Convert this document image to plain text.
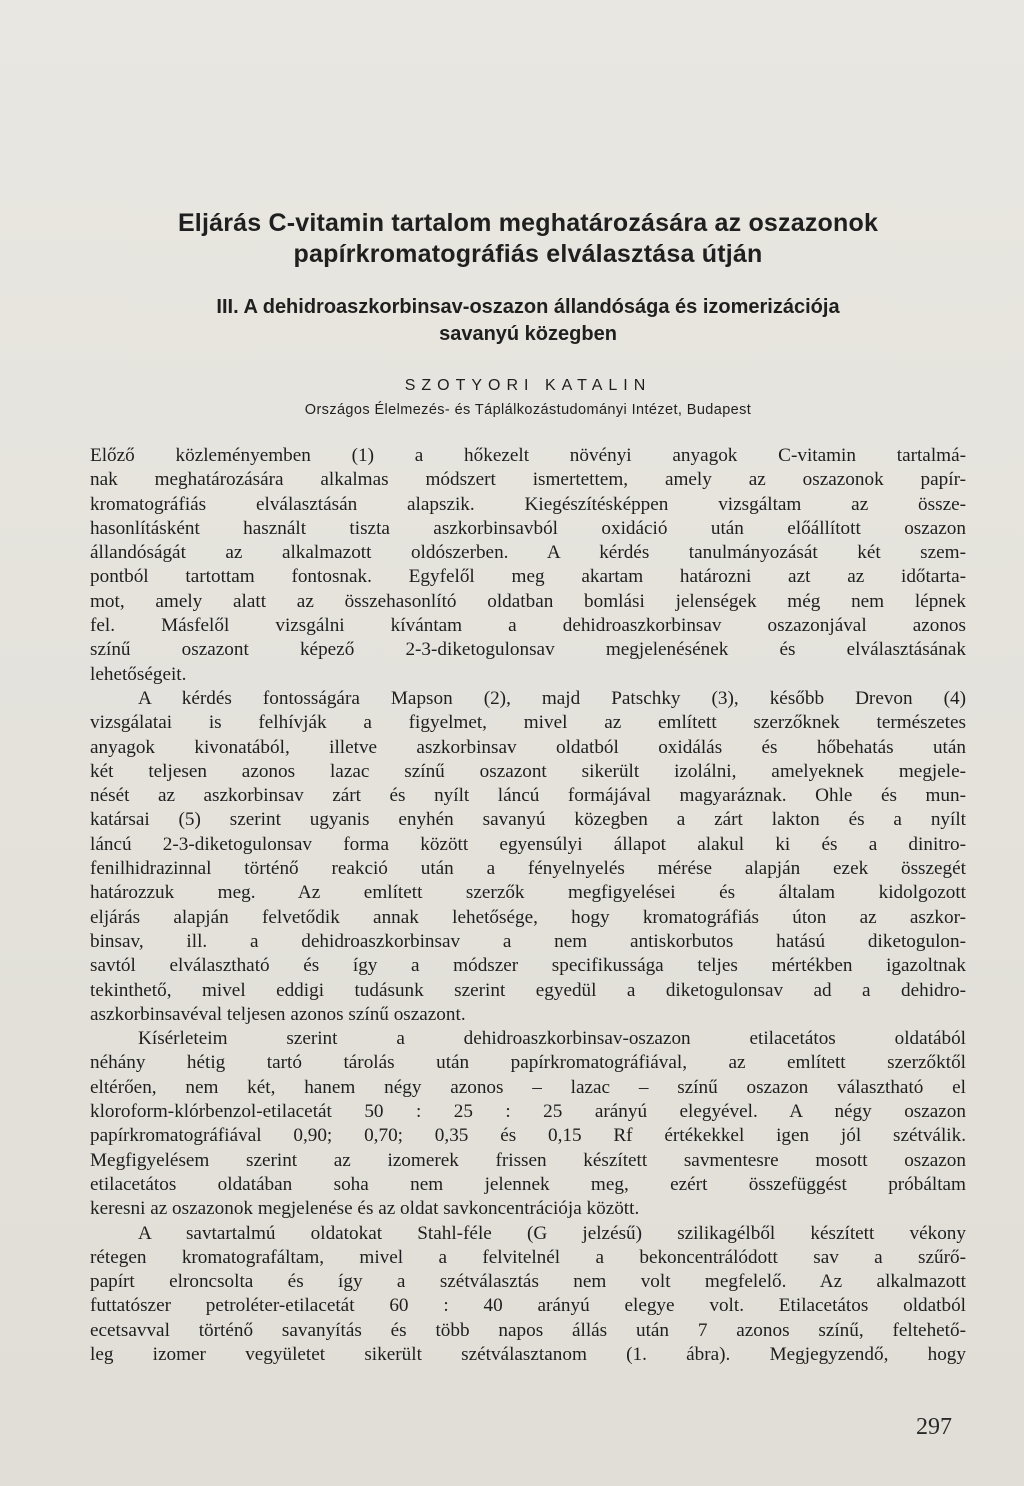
Eljárás C-vitamin tartalom meghatározására az oszazonok
papírkromatográfiás elválasztása útján
III. A dehidroaszkorbinsav-oszazon állandósága és izomerizációja
savanyú közegben
SZOTYORI KATALIN
Országos Élelmezés- és Táplálkozástudományi Intézet, Budapest

Előző közleményemben (1) a hőkezelt növényi anyagok C-vitamin tartalmá-
nak meghatározására alkalmas módszert ismertettem, amely az oszazonok papír-
kromatográfiás elválasztásán alapszik. Kiegészítésképpen vizsgáltam az össze-
hasonlításként használt tiszta aszkorbinsavból oxidáció után előállított oszazon
állandóságát az alkalmazott oldószerben. A kérdés tanulmányozását két szem-
pontból tartottam fontosnak. Egyfelől meg akartam határozni azt az időtarta-
mot, amely alatt az összehasonlító oldatban bomlási jelenségek még nem lépnek
fel. Másfelől vizsgálni kívántam a dehidroaszkorbinsav oszazonjával azonos
színű oszazont képező 2-3-diketogulonsav megjelenésének és elválasztásának
lehetőségeit.

A kérdés fontosságára Mapson (2), majd Patschky (3), később Drevon (4)
vizsgálatai is felhívják a figyelmet, mivel az említett szerzőknek természetes
anyagok kivonatából, illetve aszkorbinsav oldatból oxidálás és hőbehatás után
két teljesen azonos lazac színű oszazont sikerült izolálni, amelyeknek megjele-
nését az aszkorbinsav zárt és nyílt láncú formájával magyaráznak. Ohle és mun-
katársai (5) szerint ugyanis enyhén savanyú közegben a zárt lakton és a nyílt
láncú 2-3-diketogulonsav forma között egyensúlyi állapot alakul ki és a dinitro-
fenilhidrazinnal történő reakció után a fényelnyelés mérése alapján ezek összegét
határozzuk meg. Az említett szerzők megfigyelései és általam kidolgozott
eljárás alapján felvetődik annak lehetősége, hogy kromatográfiás úton az aszkor-
binsav, ill. a dehidroaszkorbinsav a nem antiskorbutos hatású diketogulon-
savtól elválasztható és így a módszer specifikussága teljes mértékben igazoltnak
tekinthető, mivel eddigi tudásunk szerint egyedül a diketogulonsav ad a dehidro-
aszkorbinsavéval teljesen azonos színű oszazont.

Kísérleteim szerint a dehidroaszkorbinsav-oszazon etilacetátos oldatából
néhány hétig tartó tárolás után papírkromatográfiával, az említett szerzőktől
eltérően, nem két, hanem négy azonos – lazac – színű oszazon választható el
kloroform-klórbenzol-etilacetát 50 : 25 : 25 arányú elegyével. A négy oszazon
papírkromatográfiával 0,90; 0,70; 0,35 és 0,15 Rf értékekkel igen jól szétválik.
Megfigyelésem szerint az izomerek frissen készített savmentesre mosott oszazon
etilacetátos oldatában soha nem jelennek meg, ezért összefüggést próbáltam
keresni az oszazonok megjelenése és az oldat savkoncentrációja között.

A savtartalmú oldatokat Stahl-féle (G jelzésű) szilikagélből készített vékony
rétegen kromatografáltam, mivel a felvitelnél a bekoncentrálódott sav a szűrő-
papírt elroncsolta és így a szétválasztás nem volt megfelelő. Az alkalmazott
futtatószer petroléter-etilacetát 60 : 40 arányú elegye volt. Etilacetátos oldatból
ecetsavval történő savanyítás és több napos állás után 7 azonos színű, feltehető-
leg izomer vegyületet sikerült szétválasztanom (1. ábra). Megjegyzendő, hogy

297
